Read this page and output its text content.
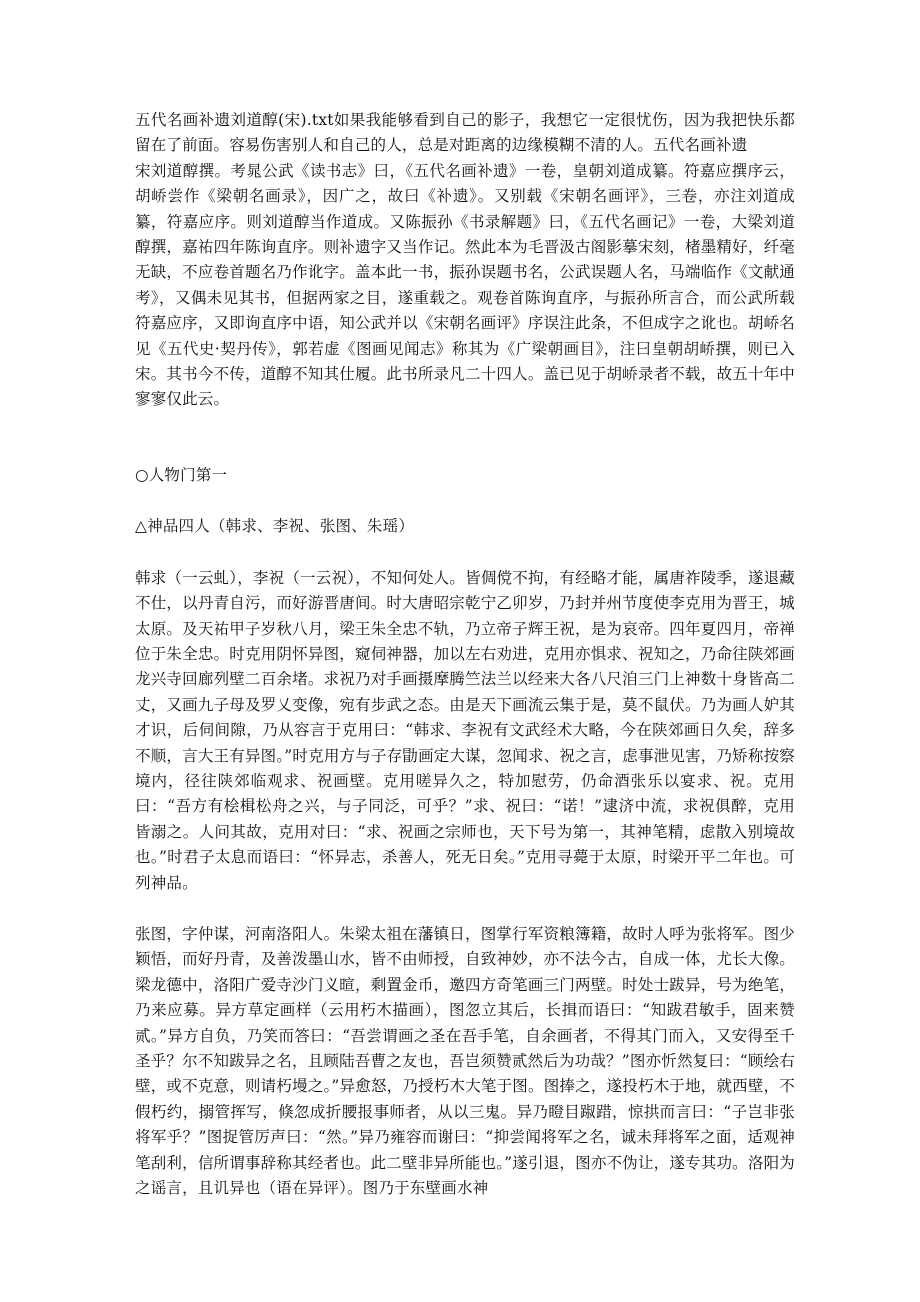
五代名画补遗刘道醇(宋).txt如果我能够看到自己的影子，我想它一定很忧伤，因为我把快乐都留在了前面。容易伤害别人和自己的人，总是对距离的边缘模糊不清的人。五代名画补遗

宋刘道醇撰。考晁公武《读书志》曰，《五代名画补遗》一卷，皇朝刘道成纂。符嘉应撰序云，胡峤尝作《梁朝名画录》，因广之，故曰《补遗》。又别载《宋朝名画评》，三卷，亦注刘道成纂，符嘉应序。则刘道醇当作道成。又陈振孙《书录解题》曰，《五代名画记》一卷，大梁刘道醇撰，嘉祐四年陈询直序。则补遗字又当作记。然此本为毛晋汲古阁影摹宋刻，楮墨精好，纤毫无缺，不应卷首题名乃作讹字。盖本此一书，振孙误题书名，公武误题人名，马端临作《文献通考》，又偶未见其书，但据两家之目，遂重载之。观卷首陈询直序，与振孙所言合，而公武所载符嘉应序，又即询直序中语，知公武并以《宋朝名画评》序误注此条，不但成字之讹也。胡峤名见《五代史·契丹传》，郭若虚《图画见闻志》称其为《广梁朝画目》，注曰皇朝胡峤撰，则已入宋。其书今不传，道醇不知其仕履。此书所录凡二十四人。盖已见于胡峤录者不载，故五十年中寥寥仅此云。

○人物门第一

△神品四人（韩求、李祝、张图、朱瑶）

韩求（一云虬），李祝（一云祝），不知何处人。皆倜傥不拘，有经略才能，属唐祚陵季，遂退藏不仕，以丹青自污，而好游晋唐间。时大唐昭宗乾宁乙卯岁，乃封并州节度使李克用为晋王，城太原。及天祐甲子岁秋八月，梁王朱全忠不轨，乃立帝子辉王祝，是为哀帝。四年夏四月，帝禅位于朱全忠。时克用阴怀异图，窥伺神器，加以左右劝进，克用亦惧求、祝知之，乃命往陕郊画龙兴寺回廊列壁二百余堵。求祝乃对手画摄摩腾竺法兰以经来大各八尺洎三门上神数十身皆高二丈，又画九子母及罗乂变像，宛有步武之态。由是天下画流云集于是，莫不鼠伏。乃为画人妒其才识，后伺间隙，乃从容言于克用曰：“韩求、李祝有文武经术大略，今在陕郊画日久矣，辞多不顺，言大王有异图。”时克用方与子存勖画定大谋，忽闻求、祝之言，虑事泄见害，乃矫称按察境内，径往陕郊临观求、祝画壁。克用嗟异久之，特加慰劳，仍命酒张乐以宴求、祝。克用曰：“吾方有桧楫松舟之兴，与子同泛，可乎？”求、祝曰：“诺！”逮济中流，求祝俱醉，克用皆溺之。人问其故，克用对曰：“求、祝画之宗师也，天下号为第一，其神笔精，虑散入别境故也。”时君子太息而语曰：“怀异志，杀善人，死无日矣。”克用寻薨于太原，时梁开平二年也。可列神品。

张图，字仲谋，河南洛阳人。朱梁太祖在藩镇日，图掌行军资粮簿籍，故时人呼为张将军。图少颖悟，而好丹青，及善泼墨山水，皆不由师授，自致神妙，亦不法今古，自成一体，尤长大像。梁龙德中，洛阳广爱寺沙门义暄，剩置金币，邀四方奇笔画三门两壁。时处士跋异，号为绝笔，乃来应募。异方草定画样（云用朽木描画），图忽立其后，长揖而语曰：“知跋君敏手，固来赞贰。”异方自负，乃笑而答曰：“吾尝谓画之圣在吾手笔，自余画者，不得其门而入，又安得至千圣乎？尔不知跋异之名，且顾陆吾曹之友也，吾岂须赞贰然后为功哉？”图亦忻然复曰：“顾绘右壁，或不克意，则请朽墁之。”异愈怒，乃授朽木大笔于图。图捧之，遂投朽木于地，就西壁，不假朽约，搦管挥写，倏忽成折腰报事师者，从以三鬼。异乃瞪目踧踖，惊拱而言曰：“子岂非张将军乎？”图捉管厉声曰：“然。”异乃雍容而谢曰：“抑尝闻将军之名，诚未拜将军之面，适观神笔刮利，信所谓事辞称其经者也。此二壁非异所能也。”遂引退，图亦不伪让，遂专其功。洛阳为之谣言，且讥异也（语在异评）。图乃于东壁画水神
